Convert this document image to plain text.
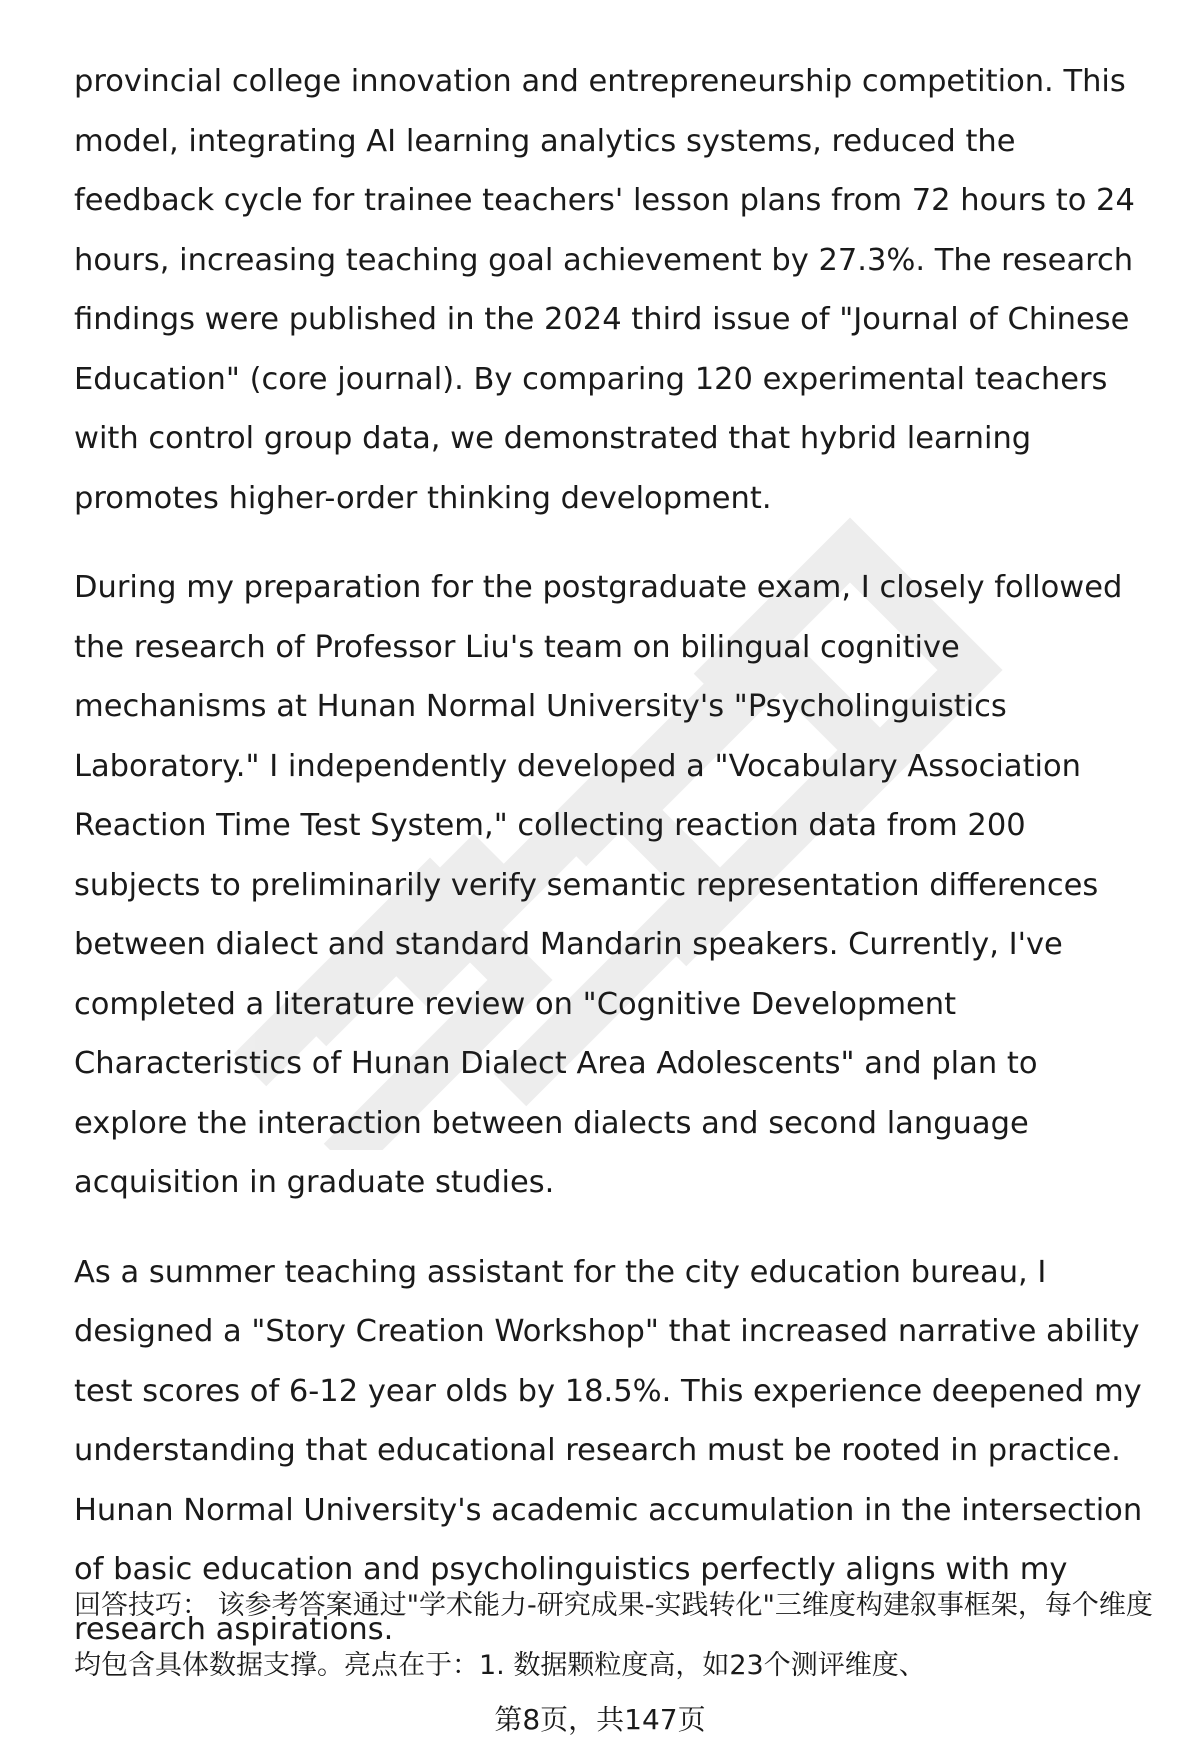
provincial college innovation and entrepreneurship competition. This model, integrating AI learning analytics systems, reduced the feedback cycle for trainee teachers' lesson plans from 72 hours to 24 hours, increasing teaching goal achievement by 27.3%. The research findings were published in the 2024 third issue of "Journal of Chinese Education" (core journal). By comparing 120 experimental teachers with control group data, we demonstrated that hybrid learning promotes higher-order thinking development.

During my preparation for the postgraduate exam, I closely followed the research of Professor Liu's team on bilingual cognitive mechanisms at Hunan Normal University's "Psycholinguistics Laboratory." I independently developed a "Vocabulary Association Reaction Time Test System," collecting reaction data from 200 subjects to preliminarily verify semantic representation differences between dialect and standard Mandarin speakers. Currently, I've completed a literature review on "Cognitive Development Characteristics of Hunan Dialect Area Adolescents" and plan to explore the interaction between dialects and second language acquisition in graduate studies.

As a summer teaching assistant for the city education bureau, I designed a "Story Creation Workshop" that increased narrative ability test scores of 6-12 year olds by 18.5%. This experience deepened my understanding that educational research must be rooted in practice. Hunan Normal University's academic accumulation in the intersection of basic education and psycholinguistics perfectly aligns with my research aspirations.

回答技巧： 该参考答案通过"学术能力-研究成果-实践转化"三维度构建叙事框架，每个维度均包含具体数据支撑。亮点在于：1. 数据颗粒度高，如23个测评维度、
第8页，共147页
